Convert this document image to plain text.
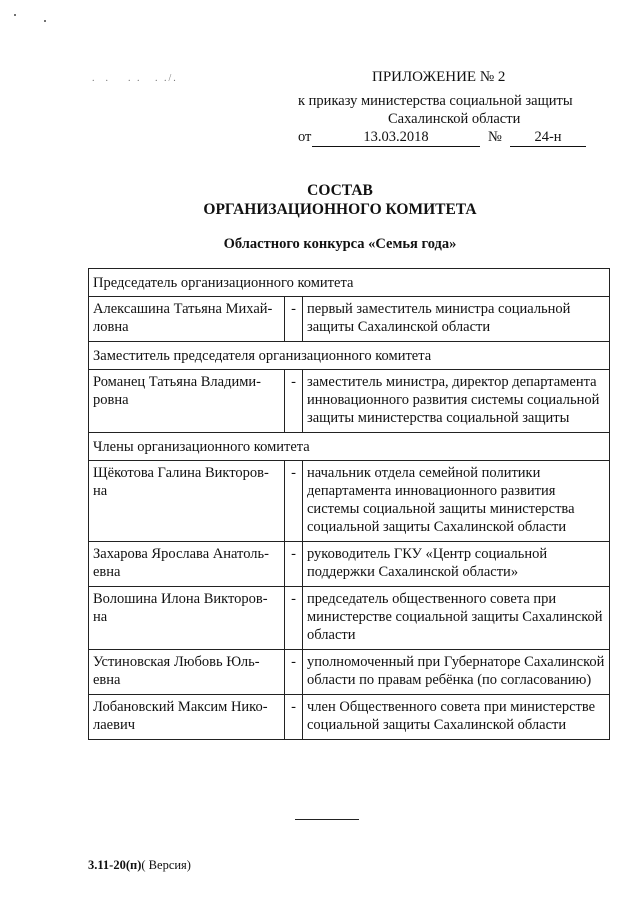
.  .    . .   . ./.	ПРИЛОЖЕНИЕ № 2
к приказу министерства социальной защиты
Сахалинской области
от	13.03.2018	№	24-н
СОСТАВ
ОРГАНИЗАЦИОННОГО КОМИТЕТА
Областного конкурса «Семья года»
Председатель организационного комитета		
Алексашина Татьяна Михай-ловна	-	первый заместитель министра социальной защиты Сахалинской области
Заместитель председателя организационного комитета		
Романец Татьяна Владими-ровна	-	заместитель министра, директор департамента инновационного развития системы социальной защиты министерства социальной защиты
Члены организационного комитета		
Щёкотова Галина Викторов-на	-	начальник отдела семейной политики департамента инновационного развития системы социальной защиты министерства социальной защиты Сахалинской области
Захарова Ярослава Анатоль-евна	-	руководитель ГКУ «Центр социальной поддержки Сахалинской области»
Волошина Илона Викторов-на	-	председатель общественного совета при министерстве социальной защиты Сахалинской области
Устиновская Любовь Юль-евна	-	уполномоченный при Губернаторе Сахалинской области по правам ребёнка (по согласованию)
Лобановский Максим Нико-лаевич	-	член Общественного совета при министерстве социальной защиты Сахалинской области
3.11-20(п)( Версия)
